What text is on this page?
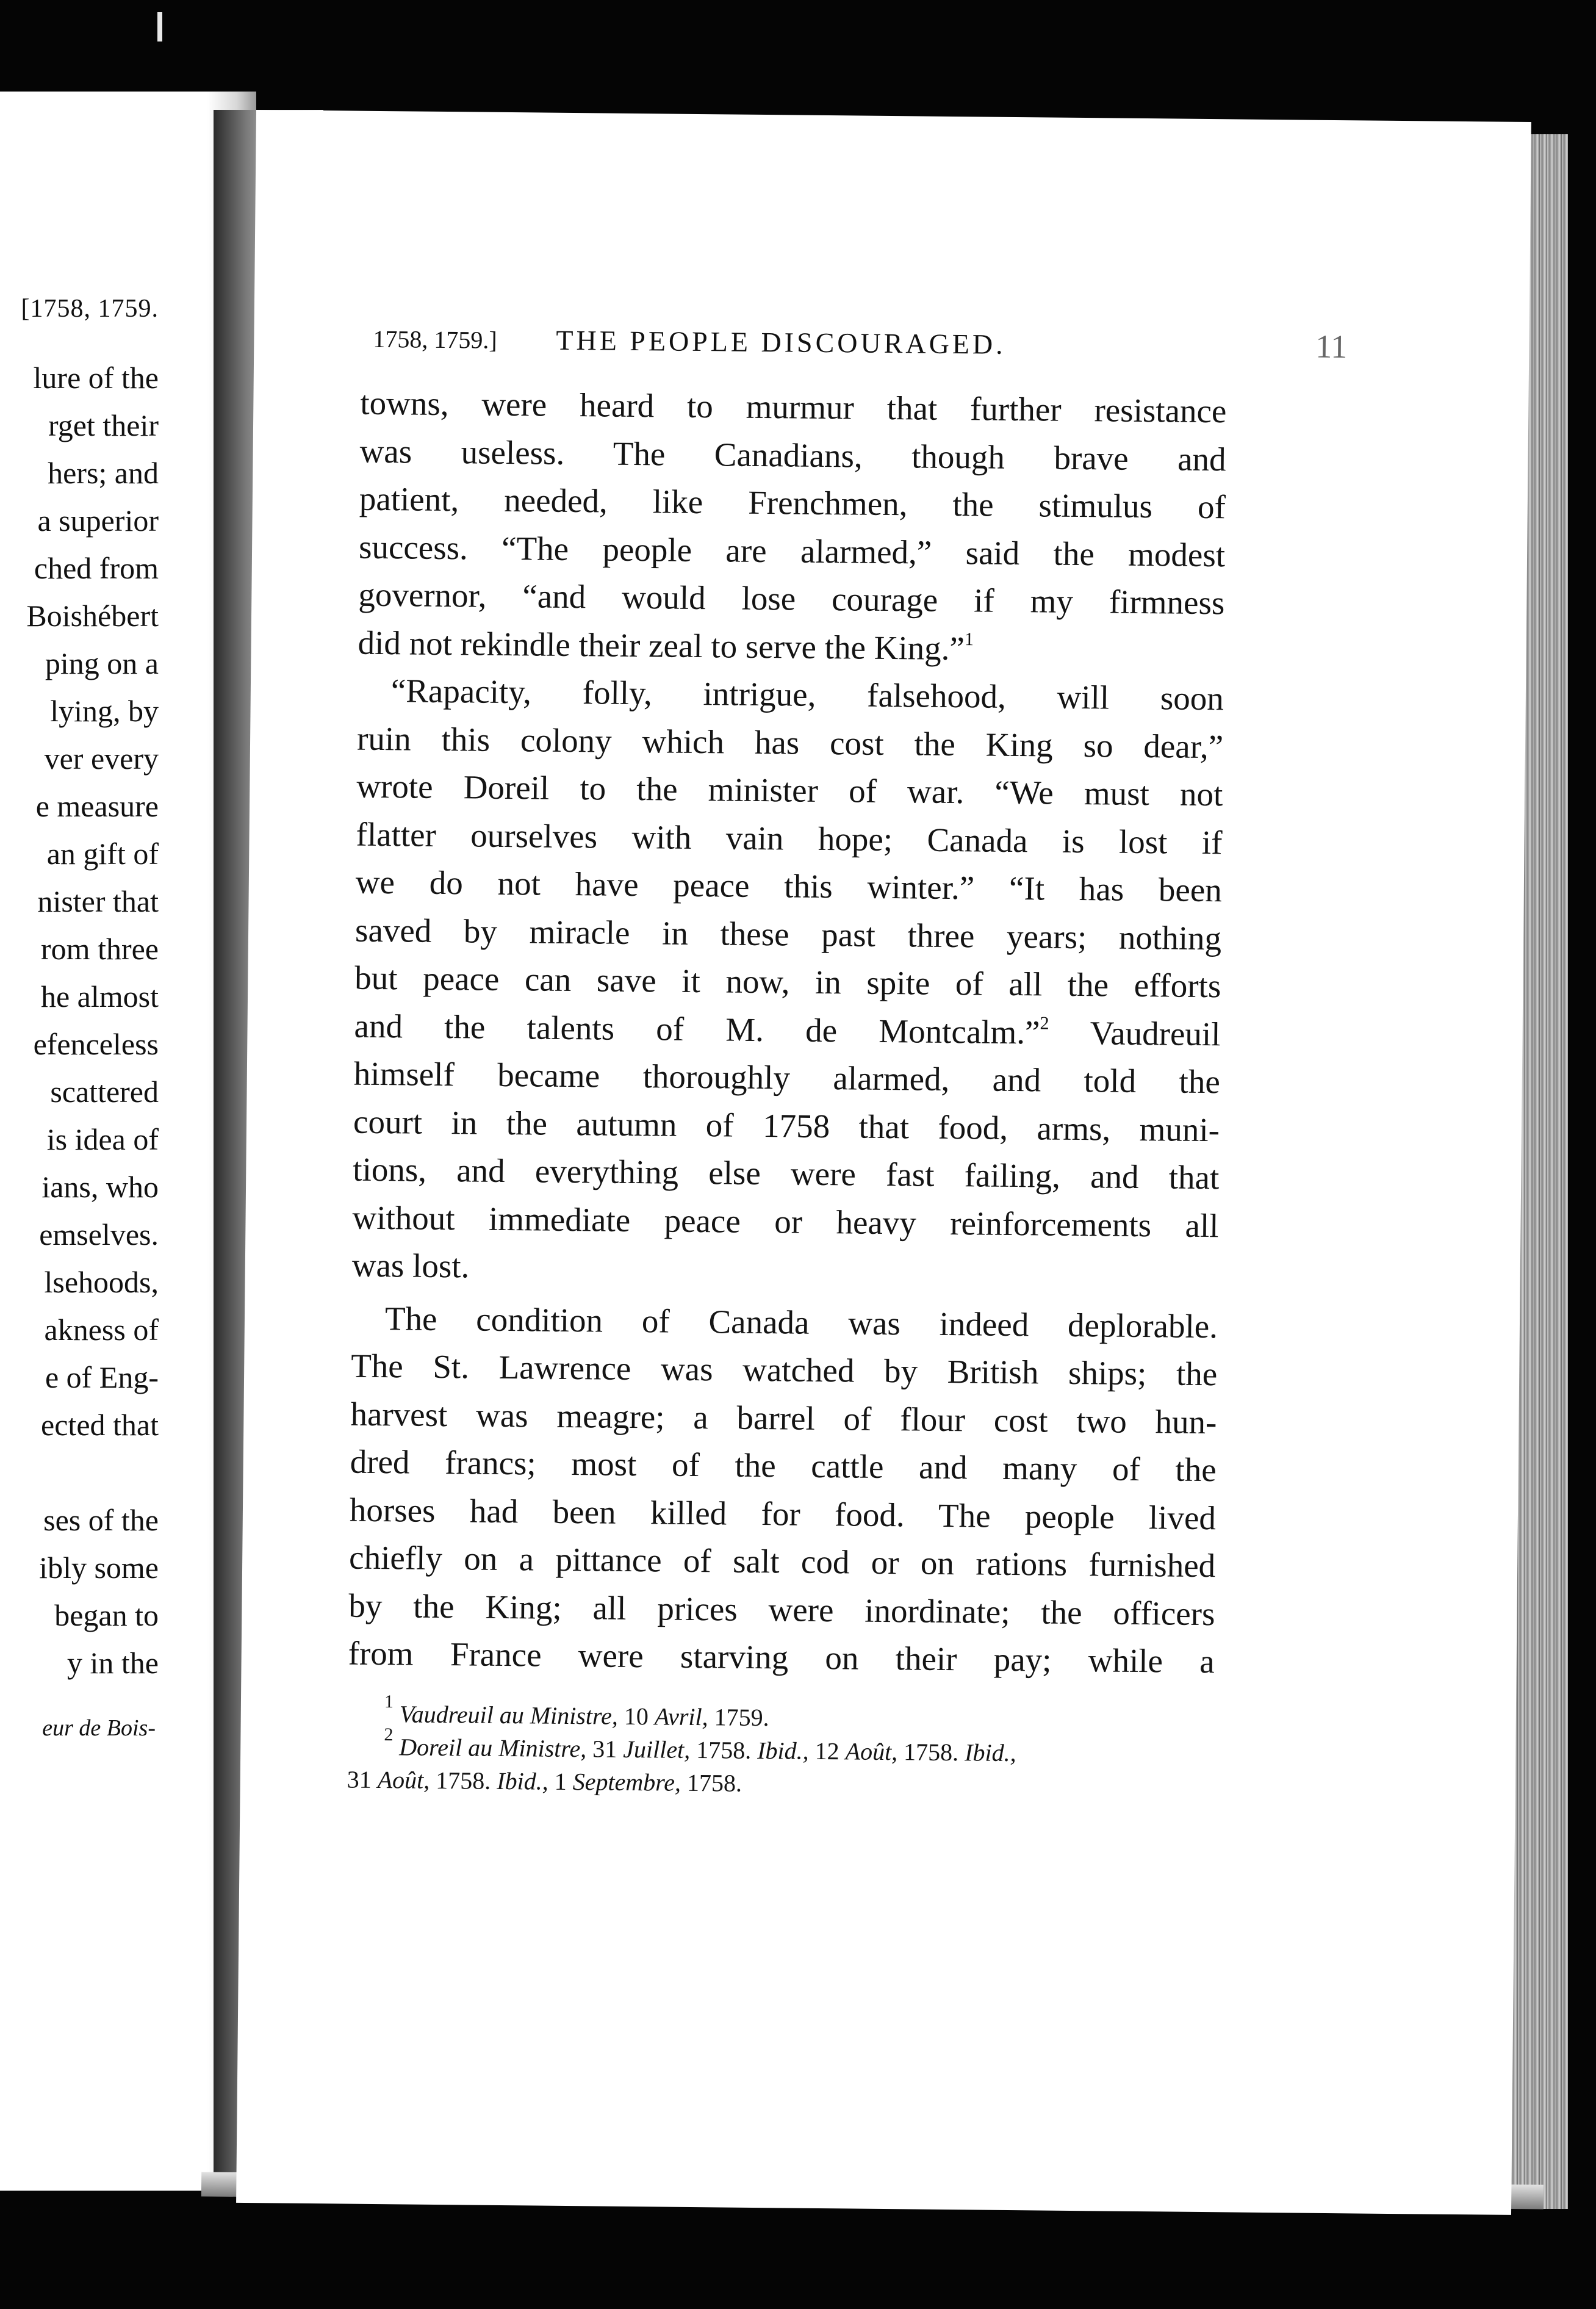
[1758, 1759.
lure of the
rget their
hers; and
a superior
ched from
Boishébert
ping on a
lying, by
ver every
e measure
an gift of
nister that
rom three
he almost
efenceless
scattered
is idea of
ians, who
emselves.
lsehoods,
akness of
e of Eng-
ected that

ses of the
ibly some
began to
y in the
eur de Bois-
1758, 1759.] THE PEOPLE DISCOURAGED.	11
towns, were heard to murmur that further resistance
was useless. The Canadians, though brave and
patient, needed, like Frenchmen, the stimulus of
success. “The people are alarmed,” said the modest
governor, “and would lose courage if my firmness
did not rekindle their zeal to serve the King.”$^1$
“Rapacity, folly, intrigue, falsehood, will soon
ruin this colony which has cost the King so dear,”
wrote Doreil to the minister of war. “We must not
flatter ourselves with vain hope; Canada is lost if
we do not have peace this winter.” “It has been
saved by miracle in these past three years; nothing
but peace can save it now, in spite of all the efforts
and the talents of M. de Montcalm.”$^2$ Vaudreuil
himself became thoroughly alarmed, and told the
court in the autumn of 1758 that food, arms, muni-
tions, and everything else were fast failing, and that
without immediate peace or heavy reinforcements all
was lost.
The condition of Canada was indeed deplorable.
The St. Lawrence was watched by British ships; the
harvest was meagre; a barrel of flour cost two hun-
dred francs; most of the cattle and many of the
horses had been killed for food. The people lived
chiefly on a pittance of salt cod or on rations furnished
by the King; all prices were inordinate; the officers
from France were starving on their pay; while a
$^1$ Vaudreuil au Ministre, 10 Avril, 1759.
$^2$ Doreil au Ministre, 31 Juillet, 1758. Ibid., 12 Août, 1758. Ibid.,
31 Août, 1758. Ibid., 1 Septembre, 1758.
